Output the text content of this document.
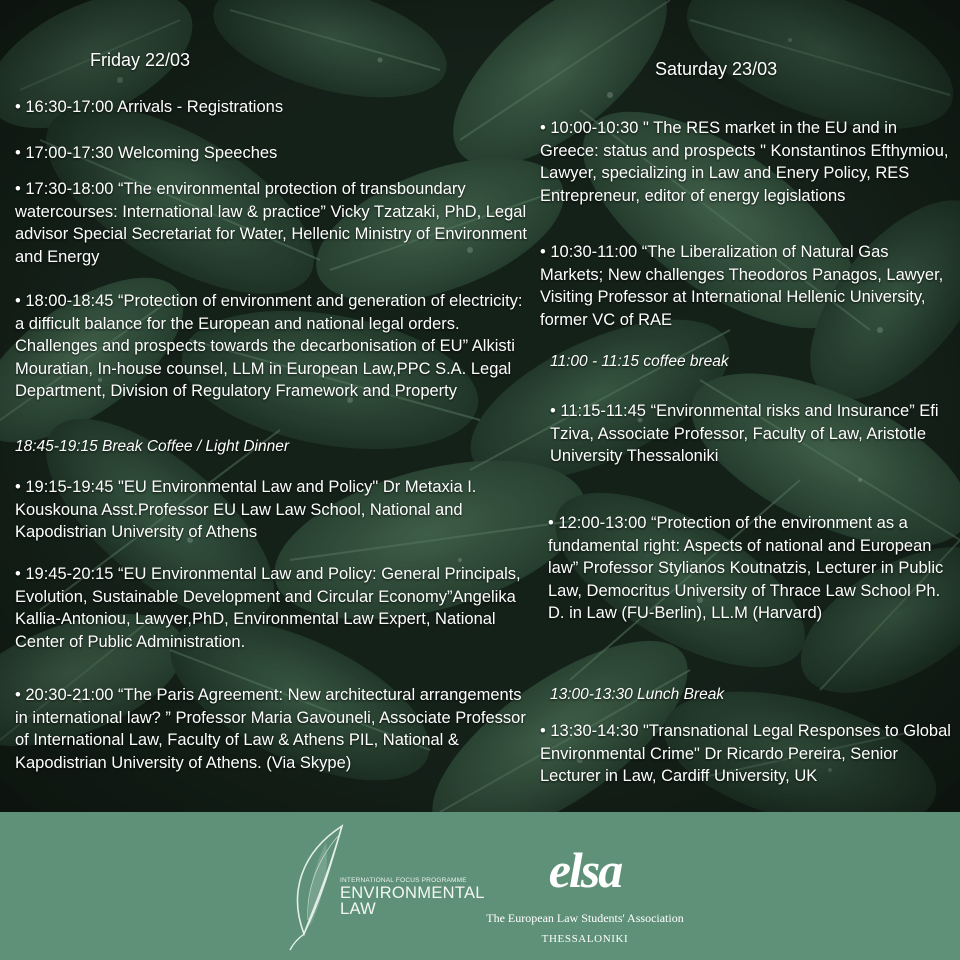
Friday 22/03

• 16:30-17:00 Arrivals - Registrations

• 17:00-17:30 Welcoming Speeches

• 17:30-18:00 “The environmental protection of transboundary watercourses: International law & practice” Vicky Tzatzaki, PhD, Legal advisor Special Secretariat for Water, Hellenic Ministry of Environment and Energy

• 18:00-18:45 “Protection of environment and generation of electricity: a difficult balance for the European and national legal orders. Challenges and prospects towards the decarbonisation of EU” Alkisti Mouratian, In-house counsel, LLM in European Law,PPC S.A. Legal Department, Division of Regulatory Framework and Property

18:45-19:15 Break Coffee / Light Dinner

• 19:15-19:45 "EU Environmental Law and Policy" Dr Metaxia I. Kouskouna Asst.Professor EU Law Law School, National and Kapodistrian University of Athens

• 19:45-20:15 “EU Environmental Law and Policy: General Principals, Evolution, Sustainable Development and Circular Economy”Angelika Kallia-Antoniou, Lawyer,PhD, Environmental Law Expert, National Center of Public Administration.

• 20:30-21:00 “The Paris Agreement: New architectural arrangements in international law? ” Professor Maria Gavouneli, Associate Professor of International Law, Faculty of Law & Athens PIL, National & Kapodistrian University of Athens. (Via Skype)

Saturday 23/03

• 10:00-10:30 " The RES market in the EU and in Greece: status and prospects " Konstantinos Efthymiou, Lawyer, specializing in Law and Enery Policy, RES Entrepreneur, editor of energy legislations

• 10:30-11:00 “The Liberalization of Natural Gas Markets; New challenges Theodoros Panagos, Lawyer, Visiting Professor at International Hellenic University, former VC of RAE

11:00 - 11:15 coffee break

• 11:15-11:45 “Environmental risks and Insurance” Efi Tziva, Associate Professor, Faculty of Law, Aristotle University Thessaloniki

• 12:00-13:00 “Protection of the environment as a fundamental right: Aspects of national and European law” Professor Stylianos Koutnatzis, Lecturer in Public Law, Democritus University of Thrace Law School Ph. D. in Law (FU-Berlin), LL.M (Harvard)

13:00-13:30 Lunch Break

• 13:30-14:30 "Transnational Legal Responses to Global Environmental Crime" Dr Ricardo Pereira, Senior Lecturer in Law, Cardiff University, UK

INTERNATIONAL FOCUS PROGRAMME
ENVIRONMENTAL
LAW
elsa
The European Law Students' Association
THESSALONIKI
